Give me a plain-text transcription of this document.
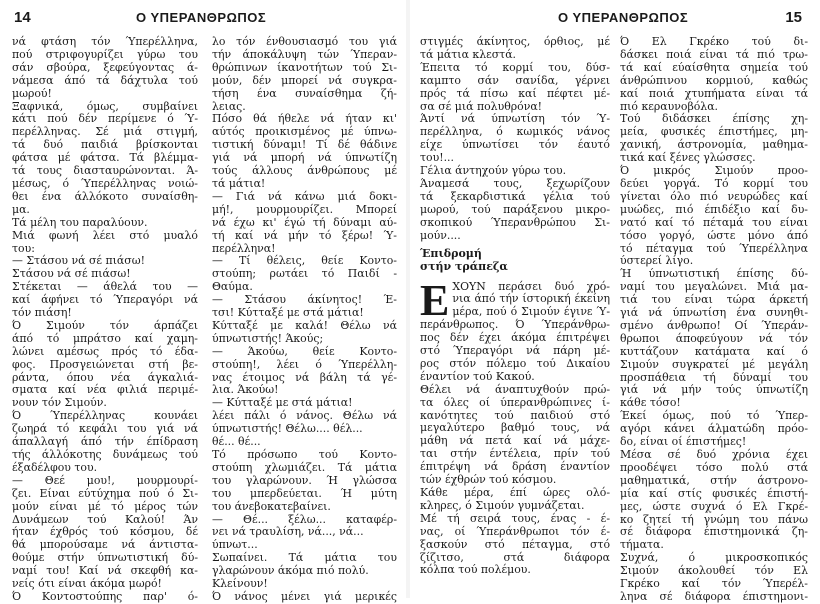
14	Ο ΥΠΕΡΑΝΘΡΩΠΟΣ
νά φτάση τόν Ύπερέλληνα,
πού στριφογυρίζει γύρω του
σάν σβούρα, ξεφεύγοντας ά-
νάμεσα άπό τά δάχτυλα τού
μωρού!
Ξαφνικά, όμως, συμβαίνει
κάτι πού δέν περίμενε ό Ύ-
περέλληνας. Σέ μιά στιγμή,
τά δυό παιδιά βρίσκονται
φάτσα μέ φάτσα. Τά βλέμμα-
τά τους διασταυρώνονται. Ά-
μέσως, ό Ύπερέλληνας νοιώ-
θει ένα άλλόκοτο συναίσθη-
μα.
Τά μέλη του παραλύουν.
Μιά φωνή λέει στό μυαλό
του:
— Στάσου νά σέ πιάσω!
Στάσου νά σέ πιάσω!
Στέκεται — άθελά του —
καί άφήνει τό Ύπεραγόρι νά
τόν πιάση!
Ό Σιμούν τόν άρπάζει
άπό τό μπράτσο καί χαμη-
λώνει αμέσως πρός τό έδα-
φος. Προσγειώνεται στή βε-
ράντα, όπου νέα άγκαλιά-
σματα καί νέα φιλιά περιμέ-
νουν τόν Σιμούν.
Ό Ύπερέλληνας κουνάει
ζωηρά τό κεφάλι του γιά νά
άπαλλαγή άπό τήν έπίδραση
τής άλλόκοτης δυνάμεως τού
έξαδέλφου του.
— Θεέ μου!, μουρμουρί-
ζει. Είναι εύτύχημα πού ό Σι-
μούν είναι μέ τό μέρος τών
Δυνάμεων τού Καλού! Άν
ήταν έχθρός τού κόσμου, δέ
θά μπορούσαμε νά άντιστα-
θούμε στήν ύπνωτιστική δύ-
ναμί του! Καί νά σκεφθή κα-
νείς ότι είναι άκόμα μωρό!
Ό Κοντοστούπης παρ' ό-
λο τόν ένθουσιασμό του γιά
τήν άποκάλυψη τών Ύπεραν-
θρώπινων ίκανοτήτων τού Σι-
μούν, δέν μπορεί νά συγκρα-
τήση ένα συναίσθημα ζή-
λειας.
Πόσο θά ήθελε νά ήταν κι'
αύτός προικισμένος μέ ύπνω-
τιστική δύναμι! Τί δέ θάδινε
γιά νά μπορή νά ύπνωτίζη
τούς άλλους άνθρώπους μέ
τά μάτια!
— Γιά νά κάνω μιά δοκι-
μή!, μουρμουρίζει. Μπορεί
νά έχω κι' έγώ τή δύναμι αύ-
τή καί νά μήν τό ξέρω! Ύ-
περέλληνα!
— Τί θέλεις, θείε Κοντο-
στούπη; ρωτάει τό Παιδί -
Θαύμα.
— Στάσου άκίνητος! Έ-
τσι! Κύτταξέ με στά μάτια!
Κύτταξέ με καλά! Θέλω νά
ύπνωτιστής! Άκούς;
— Άκούω, θείε Κοντο-
στούπη!, λέει ό Ύπερέλλη-
νας έτοιμος νά βάλη τά γέ-
λια. Άκούω!
— Κύτταξέ με στά μάτια!
λέει πάλι ό νάνος. Θέλω νά
ύπνωτιστής! Θέλω.... θέλ...
θέ... θέ...
Τό πρόσωπο τού Κοντο-
στούπη χλωμιάζει. Τά μάτια
του γλαρώνουν. Ή γλώσσα
του μπερδεύεται. Ή μύτη
του άνεβοκατεβαίνει.
— Θέ... ξέλω... καταφέρ-
νει νά τραυλίση, νά..., νά...
ύπνωτ...
Σωπαίνει. Τά μάτια του
γλαρώνουν άκόμα πιό πολύ.
Κλείνουν!
Ό νάνος μένει γιά μερικές
15
Ο ΥΠΕΡΑΝΘΡΩΠΟΣ
στιγμές άκίνητος, όρθιος, μέ
τά μάτια κλεστά.
Έπειτα τό κορμί του, δύσ-
καμπτο σάν σανίδα, γέρνει
πρός τά πίσω καί πέφτει μέ-
σα σέ μιά πολυθρόνα!
Άντί νά ύπνωτίση τόν Ύ-
περέλληνα, ό κωμικός νάνος
είχε ύπνωτίσει τόν έαυτό
του!...
Γέλια άντηχούν γύρω του.
Άναμεσά τους, ξεχωρίζουν
τά ξεκαρδιστικά γέλια τού
μωρού, τού παράξενου μικρο-
σκοπικού Ύπερανθρώπου Σι-
μούν....
Έπιδρομή
στήν τράπεζα
Ε ΧΟΥΝ περάσει δυό χρό-
νια άπό τήν ίστορική έκείνη
μέρα, πού ό Σιμούν έγινε Ύ-
περάνθρωπος. Ό Ύπεράνθρω-
πος δέν έχει άκόμα έπιτρέψει
στό Ύπεραγόρι νά πάρη μέ-
ρος στόν πόλεμο τού Δικαίου
έναντίον τού Κακού.
Θέλει νά άναπτυχθούν πρώ-
τα όλες οί ύπερανθρώπινες ί-
κανότητες τού παιδιού στό
μεγαλύτερο βαθμό τους, νά
μάθη νά πετά καί νά μάχε-
ται στήν έντέλεια, πρίν τού
έπιτρέψη νά δράση έναντίον
τών έχθρών τού κόσμου.
Κάθε μέρα, έπί ώρες ολό-
κληρες, ό Σιμούν γυμνάζεται.
Μέ τή σειρά τους, ένας - έ-
νας, οί Ύπεράνθρωποι τόν έ-
ξασκούν στό πέταγμα, στό
ζίζιτσο, στά διάφορα
κόλπα τού πολέμου.
Ό Ελ Γκρέκο τού δι-
δάσκει ποιά είναι τά πιό τρω-
τά καί εύαίσθητα σημεία τού
άνθρώπινου κορμιού, καθώς
καί ποιά χτυπήματα είναι τά
πιό κεραυνοβόλα.
Τού διδάσκει έπίσης χη-
μεία, φυσικές έπιστήμες, μη-
χανική, άστρονομία, μαθημα-
τικά καί ξένες γλώσσες.
Ό μικρός Σιμούν προο-
δεύει γοργά. Τό κορμί του
γίνεται όλο πιό νευρώδες καί
μυώδες, πιό έπιδέξιο καί δυ-
νατό καί τό πέταμά του είναι
τόσο γοργό, ώστε μόνο άπό
τό πέταγμα τού Ύπερέλληνα
ύστερεί λίγο.
Ή ύπνωτιστική έπίσης δύ-
ναμί του μεγαλώνει. Μιά μα-
τιά του είναι τώρα άρκετή
γιά νά ύπνωτίση ένα συνηθι-
σμένο άνθρωπο! Οί Ύπεράν-
θρωποι άποφεύγουν νά τόν
κυττάζουν κατάματα καί ό
Σιμούν συγκρατεί μέ μεγάλη
προσπάθεια τή δύναμί του
γιά νά μήν τούς ύπνωτίζη
κάθε τόσο!
Έκεί όμως, πού τό Ύπερ-
αγόρι κάνει άλματώδη πρόο-
δο, είναι οί έπιστήμες!
Μέσα σέ δυό χρόνια έχει
προοδέψει τόσο πολύ στά
μαθηματικά, στήν άστρονο-
μία καί στίς φυσικές έπιστή-
μες, ώστε συχνά ό Ελ Γκρέ-
κο ζητεί τή γνώμη του πάνω
σέ διάφορα έπιστημονικά ζη-
τήματα.
Συχνά, ό μικροσκοπικός
Σιμούν άκολουθεί τόν Ελ
Γκρέκο καί τόν Ύπερέλ-
ληνα σέ διάφορα έπιστημονι-
